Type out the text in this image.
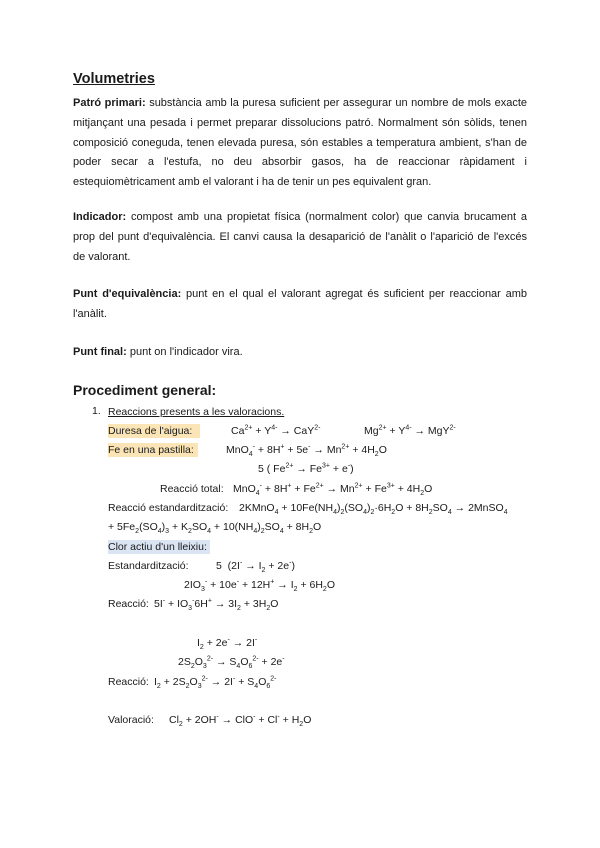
Volumetries
Patró primari: substància amb la puresa suficient per assegurar un nombre de mols exacte mitjançant una pesada i permet preparar dissolucions patró. Normalment són sòlids, tenen composició coneguda, tenen elevada puresa, són estables a temperatura ambient, s'han de poder secar a l'estufa, no deu absorbir gasos, ha de reaccionar ràpidament i estequiomètricament amb el valorant i ha de tenir un pes equivalent gran.
Indicador: compost amb una propietat física (normalment color) que canvia brucament a prop del punt d'equivalència. El canvi causa la desaparició de l'anàlit o l'aparició de l'excés de valorant.
Punt d'equivalència: punt en el qual el valorant agregat és suficient per reaccionar amb l'anàlit.
Punt final: punt on l'indicador vira.
Procediment general:
1. Reaccions presents a les valoracions.
Duresa de l'aigua:	$Ca^{2+} + Y^{4-} \to CaY^{2-}$	$Mg^{2+} + Y^{4-} \to MgY^{2-}$
Fe en una pastilla:	$MnO_4^- + 8H^+ + 5e^- \to Mn^{2+} + 4H_2O$
5 ( $Fe^{2+} \to Fe^{3+} + e^-$)
Reacció total: $MnO_4^- + 8H^+ + Fe^{2+} \to Mn^{2+} + Fe^{3+} + 4H_2O$
Reacció estandardització: 2KMnO$_4$ + $10Fe(NH_4)_2(SO_4)_2\cdot 6H_2O + 8H_2SO_4$ → 2MnSO$_4$
+ $5Fe_2(SO_4)_3 + K_2SO_4 + 10(NH_4)_2SO_4 + 8H_2O$
Clor actiu d'un lleixiu:
Estandardització:	5  $(2I^- \to I_2 + 2e^-)$
$2IO_3^- + 10e^- + 12H^+ \to I_2 + 6H_2O$
Reacció: $5I^- + IO_3^-6H^+ \to 3I_2 + 3H_2O$
$I_2 + 2e^- \to 2I^-$
$2S_2O_3^{2-} \to S_4O_6^{2-} + 2e^-$
Reacció: $I_2 + 2S_2O_3^{2-} \to 2I^- + S_4O_6^{2-}$
Valoració: $Cl_2 + 2OH^- \to ClO^- + Cl^- + H_2O$
